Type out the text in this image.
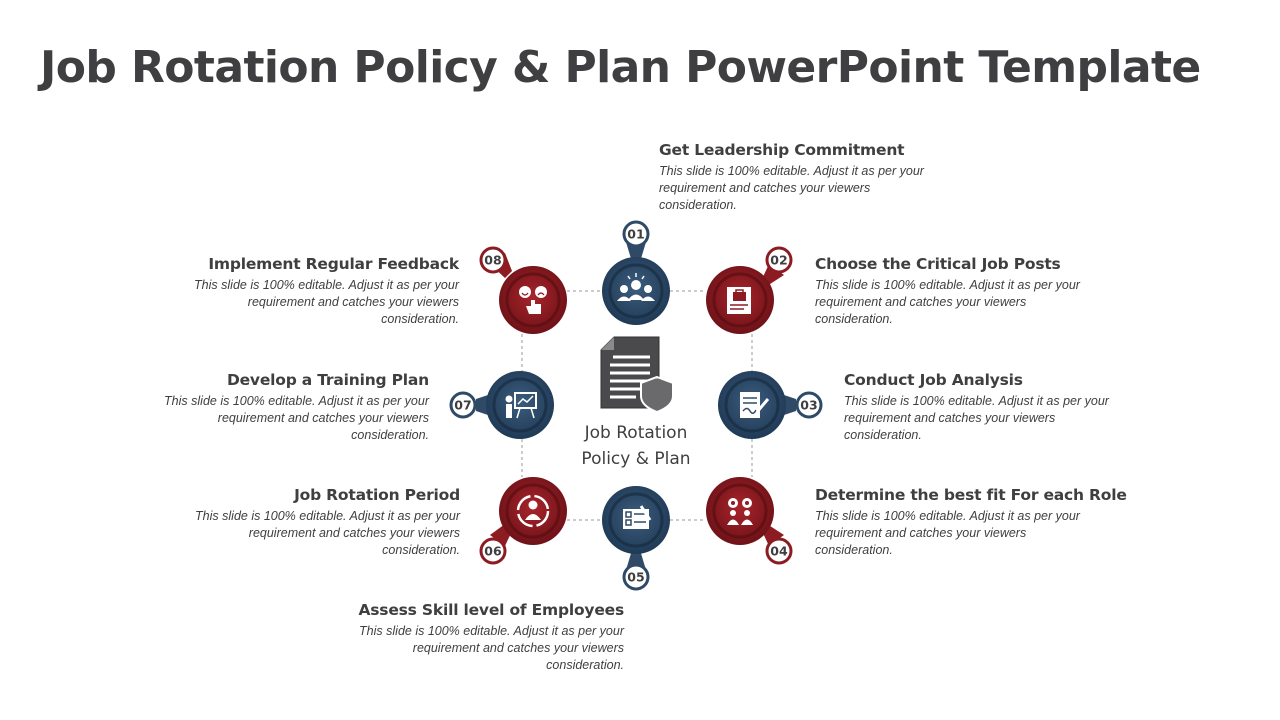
Job Rotation Policy & Plan PowerPoint Template
01
02
03
04
05
06
07
08
Job Rotation
Policy & Plan
Get Leadership Commitment

This slide is 100% editable. Adjust it as per your requirement and catches your viewers consideration.

Choose the Critical Job Posts

This slide is 100% editable. Adjust it as per your requirement and catches your viewers consideration.

Conduct Job Analysis

This slide is 100% editable. Adjust it as per your requirement and catches your viewers consideration.

Determine the best fit For each Role

This slide is 100% editable. Adjust it as per your requirement and catches your viewers consideration.

Assess Skill level of Employees

This slide is 100% editable. Adjust it as per your requirement and catches your viewers consideration.

Job Rotation Period

This slide is 100% editable. Adjust it as per your requirement and catches your viewers consideration.

Develop a Training Plan

This slide is 100% editable. Adjust it as per your requirement and catches your viewers consideration.

Implement Regular Feedback

This slide is 100% editable. Adjust it as per your requirement and catches your viewers consideration.
